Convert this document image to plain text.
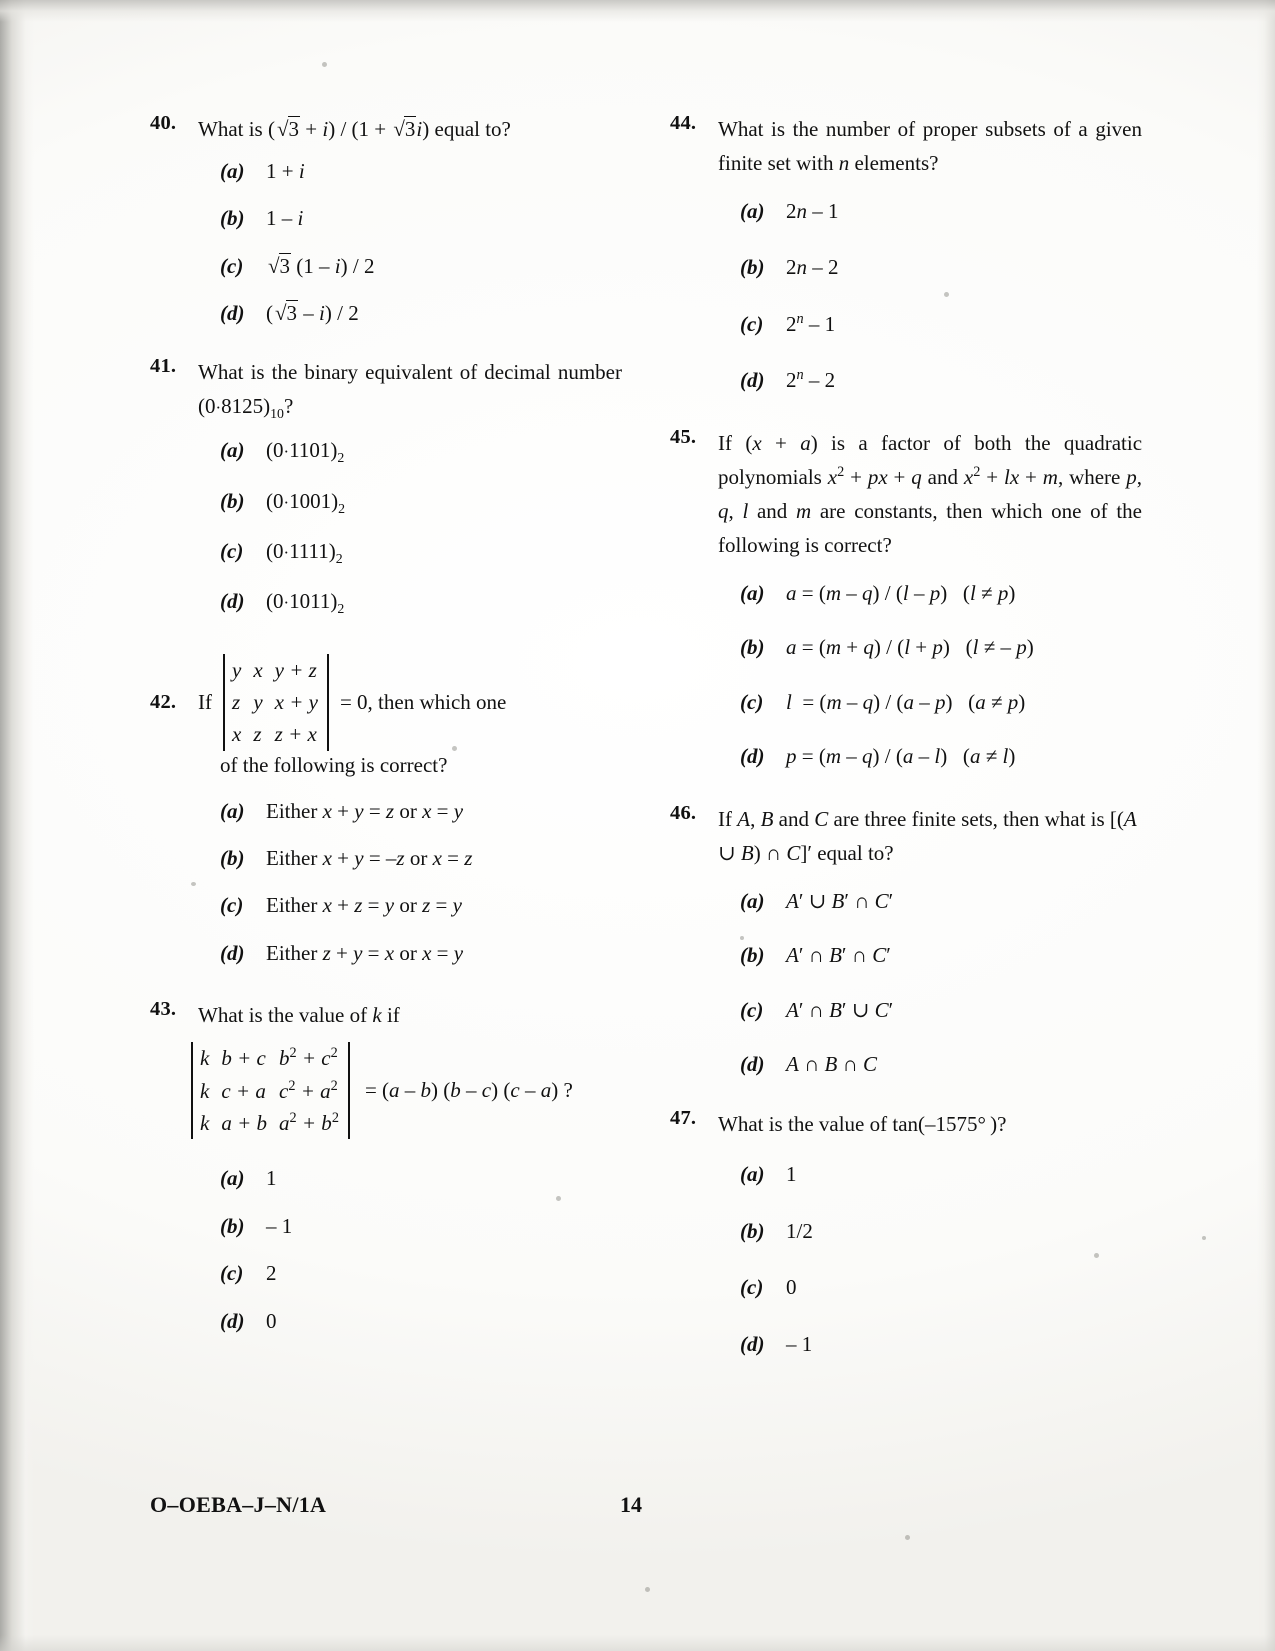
40.	What is (√3 + i) / (1 + √3i) equal to?
(a)	1 + i
(b)	1 – i
(c)	√3 (1 – i) / 2
(d)	(√3 – i) / 2
41.	What is the binary equivalent of decimal number $(0\cdot 8125)_{10}$?
(a)	$(0\cdot 1101)_2$
(b)	$(0\cdot 1001)_2$
(c)	$(0\cdot 1111)_2$
(d)	$(0\cdot 1011)_2$
42.	If
y	x	y + z
z	y	x + y
x	z	z + x
= 0, then which one
of the following is correct?
(a)	Either x + y = z or x = y
(b)	Either x + y = –z or x = z
(c)	Either x + z = y or z = y
(d)	Either z + y = x or x = y
43.	What is the value of k if
k	b + c	$b^2 + c^2$
k	c + a	$c^2 + a^2$
k	a + b	$a^2 + b^2$
= (a – b) (b – c) (c – a) ?
(a)	1
(b)	– 1
(c)	2
(d)	0
44.	What is the number of proper subsets of a given finite set with n elements?
(a)	2n – 1
(b)	2n – 2
(c)	2$^n$ – 1
(d)	2$^n$ – 2
45.	If (x + a) is a factor of both the quadratic polynomials $x^2$ + px + q and $x^2$ + lx + m, where p, q, l and m are constants, then which one of the following is correct?
(a)	a = (m – q) / (l – p)   (l ≠ p)
(b)	a = (m + q) / (l + p)   (l ≠ – p)
(c)	l  = (m – q) / (a – p)   (a ≠ p)
(d)	p = (m – q) / (a – l)   (a ≠ l)
46.	If A, B and C are three finite sets, then what is [(A ∪ B) ∩ C]′ equal to?
(a)	A′ ∪ B′ ∩ C′
(b)	A′ ∩ B′ ∩ C′
(c)	A′ ∩ B′ ∪ C′
(d)	A ∩ B ∩ C
47.	What is the value of tan(–1575° )?
(a)	1
(b)	1/2
(c)	0
(d)	– 1
O–OEBA–J–N/1A	14
